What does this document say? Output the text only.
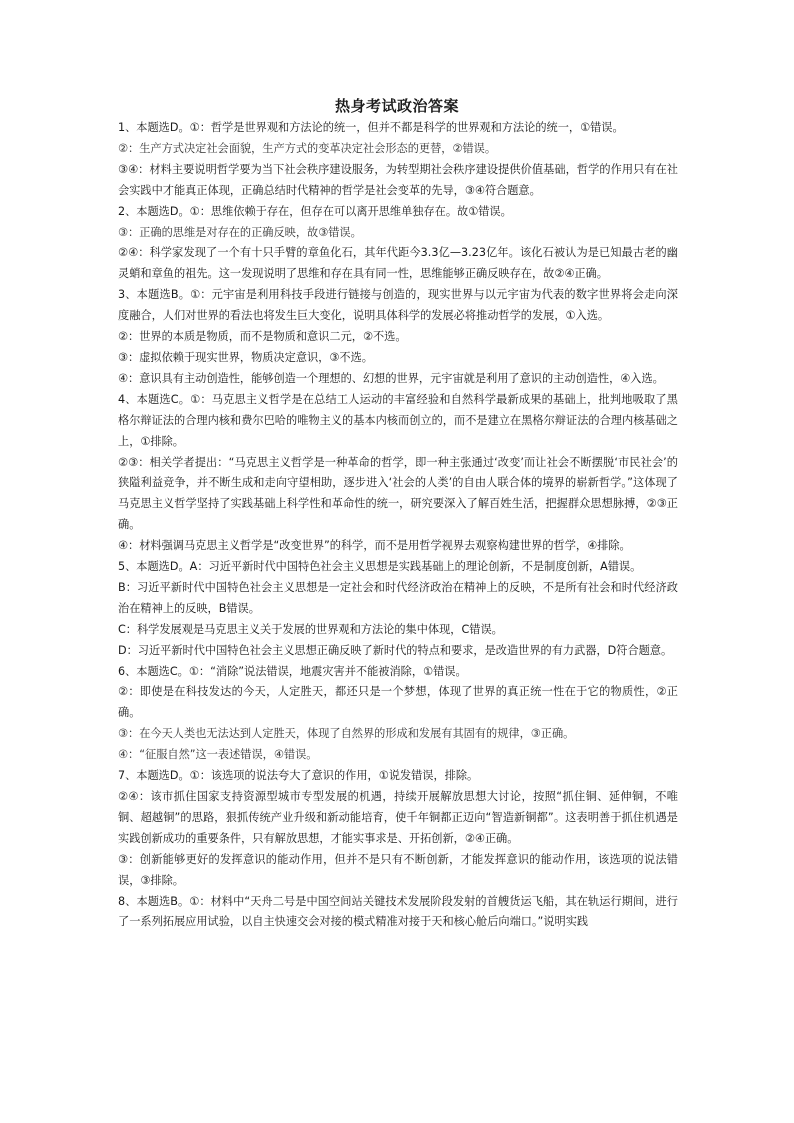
热身考试政治答案

1、本题选D。①：哲学是世界观和方法论的统一，但并不都是科学的世界观和方法论的统一，①错误。

②：生产方式决定社会面貌，生产方式的变革决定社会形态的更替，②错误。

③④：材料主要说明哲学要为当下社会秩序建设服务，为转型期社会秩序建设提供价值基础，哲学的作用只有在社会实践中才能真正体现，正确总结时代精神的哲学是社会变革的先导，③④符合题意。

2、本题选D。①：思维依赖于存在，但存在可以离开思维单独存在。故①错误。

③：正确的思维是对存在的正确反映，故③错误。

②④：科学家发现了一个有十只手臂的章鱼化石，其年代距今3.3亿—3.23亿年。该化石被认为是已知最古老的幽灵蛸和章鱼的祖先。这一发现说明了思维和存在具有同一性，思维能够正确反映存在，故②④正确。

3、本题选B。①：元宇宙是利用科技手段进行链接与创造的，现实世界与以元宇宙为代表的数字世界将会走向深度融合，人们对世界的看法也将发生巨大变化，说明具体科学的发展必将推动哲学的发展，①入选。

②：世界的本质是物质，而不是物质和意识二元，②不选。

③：虚拟依赖于现实世界，物质决定意识，③不选。

④：意识具有主动创造性，能够创造一个理想的、幻想的世界，元宇宙就是利用了意识的主动创造性，④入选。

4、本题选C。①：马克思主义哲学是在总结工人运动的丰富经验和自然科学最新成果的基础上，批判地吸取了黑格尔辩证法的合理内核和费尔巴哈的唯物主义的基本内核而创立的，而不是建立在黑格尔辩证法的合理内核基础之上，①排除。

②③：相关学者提出：“马克思主义哲学是一种革命的哲学，即一种主张通过‘改变’而让社会不断摆脱‘市民社会’的狭隘利益竞争，并不断生成和走向守望相助，逐步进入‘社会的人类’的自由人联合体的境界的崭新哲学。”这体现了马克思主义哲学坚持了实践基础上科学性和革命性的统一，研究要深入了解百姓生活，把握群众思想脉搏，②③正确。

④：材料强调马克思主义哲学是“改变世界”的科学，而不是用哲学视界去观察构建世界的哲学，④排除。

5、本题选D。A：习近平新时代中国特色社会主义思想是实践基础上的理论创新，不是制度创新，A错误。

B：习近平新时代中国特色社会主义思想是一定社会和时代经济政治在精神上的反映，不是所有社会和时代经济政治在精神上的反映，B错误。

C：科学发展观是马克思主义关于发展的世界观和方法论的集中体现，C错误。

D：习近平新时代中国特色社会主义思想正确反映了新时代的特点和要求，是改造世界的有力武器，D符合题意。

6、本题选C。①：“消除”说法错误，地震灾害并不能被消除，①错误。

②：即使是在科技发达的今天，人定胜天，都还只是一个梦想，体现了世界的真正统一性在于它的物质性，②正确。

③：在今天人类也无法达到人定胜天，体现了自然界的形成和发展有其固有的规律，③正确。

④：“征服自然”这一表述错误，④错误。

7、本题选D。①：该选项的说法夸大了意识的作用，①说发错误，排除。

②④：该市抓住国家支持资源型城市专型发展的机遇，持续开展解放思想大讨论，按照“抓住铜、延伸铜，不唯铜、超越铜”的思路，狠抓传统产业升级和新动能培育，使千年铜都正迈向“智造新铜都”。这表明善于抓住机遇是实践创新成功的重要条件，只有解放思想，才能实事求是、开拓创新，②④正确。

③：创新能够更好的发挥意识的能动作用，但并不是只有不断创新，才能发挥意识的能动作用，该选项的说法错误，③排除。

8、本题选B。①：材料中“天舟二号是中国空间站关键技术发展阶段发射的首艘货运飞船，其在轨运行期间，进行了一系列拓展应用试验，以自主快速交会对接的模式精准对接于天和核心舱后向端口。”说明实践
